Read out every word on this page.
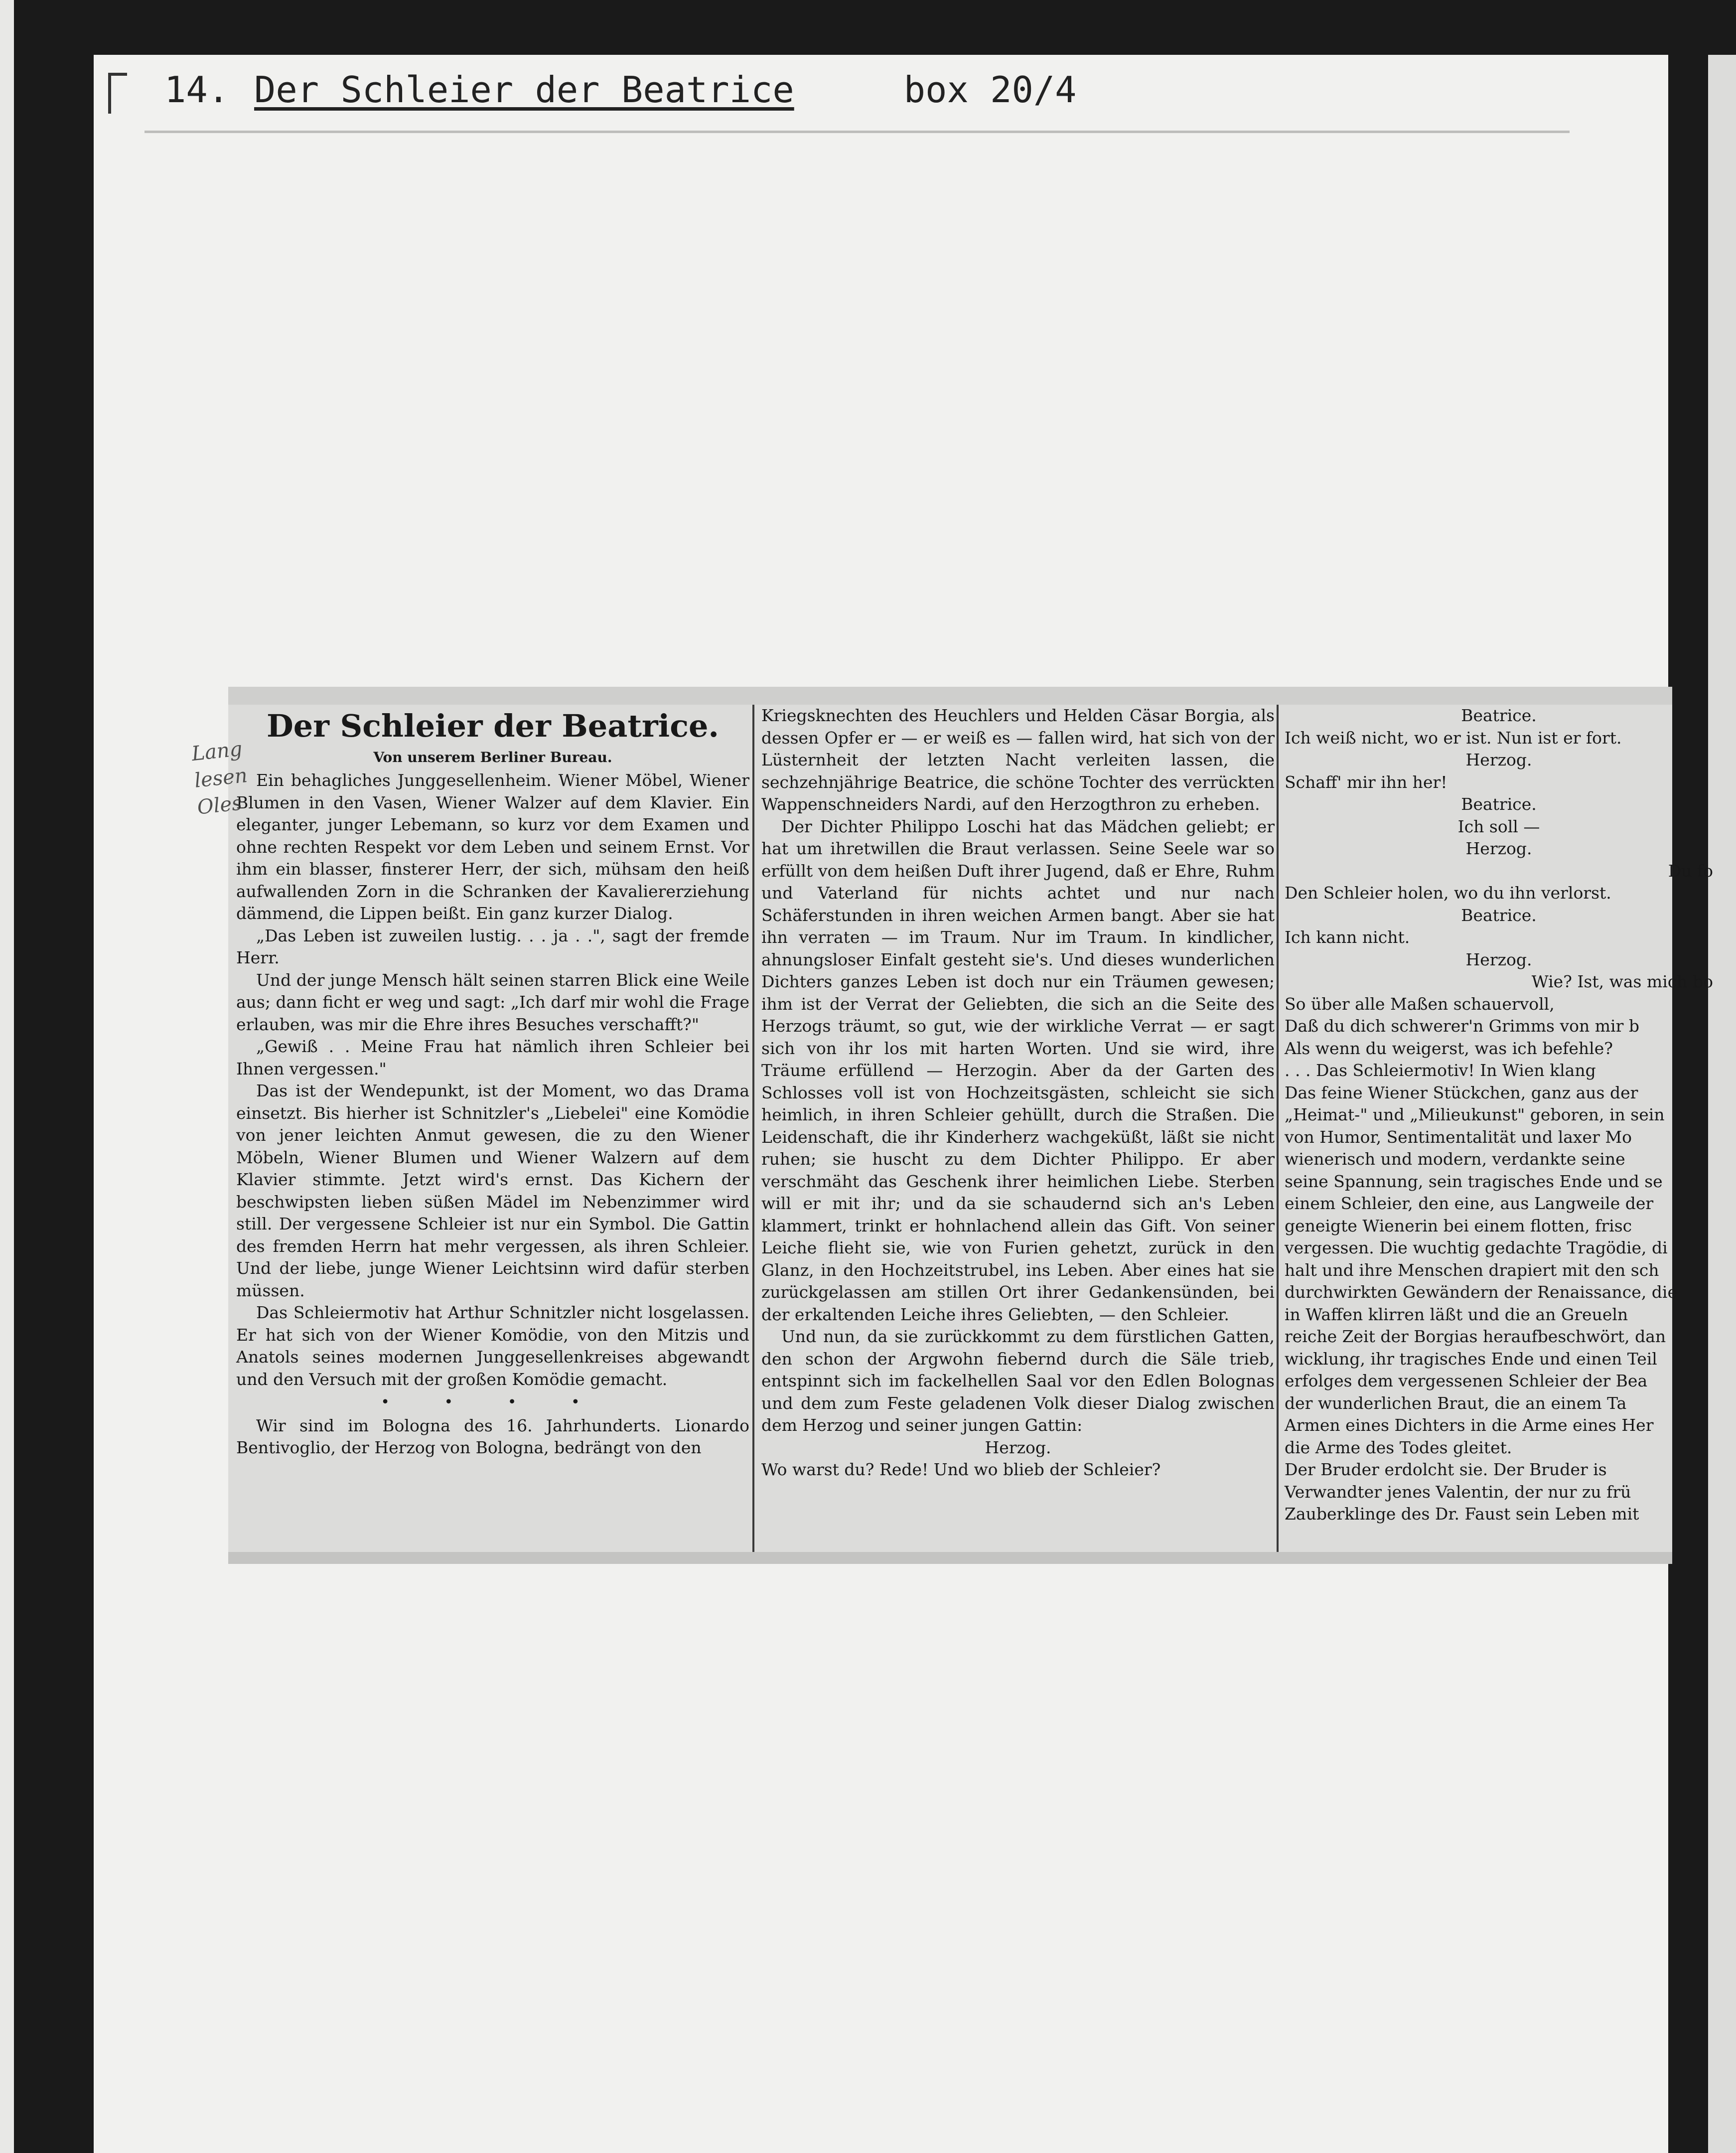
14. Der Schleier der Beatrice	box 20/4

Der Schleier der Beatrice.

Von unserem Berliner Bureau.

Ein behagliches Junggesellenheim. Wiener Möbel, Wiener Blumen in den Vasen, Wiener Walzer auf dem Klavier. Ein eleganter, junger Lebemann, so kurz vor dem Examen und ohne rechten Respekt vor dem Leben und seinem Ernst. Vor ihm ein blasser, finsterer Herr, der sich, mühsam den heiß aufwallenden Zorn in die Schranken der Kavaliererziehung dämmend, die Lippen beißt. Ein ganz kurzer Dialog.

„Das Leben ist zuweilen lustig. . . ja . .", sagt der fremde Herr.

Und der junge Mensch hält seinen starren Blick eine Weile aus; dann ficht er weg und sagt: „Ich darf mir wohl die Frage erlauben, was mir die Ehre ihres Besuches verschafft?"

„Gewiß . . Meine Frau hat nämlich ihren Schleier bei Ihnen vergessen."

Das ist der Wendepunkt, ist der Moment, wo das Drama einsetzt. Bis hierher ist Schnitzler's „Liebelei" eine Komödie von jener leichten Anmut gewesen, die zu den Wiener Möbeln, Wiener Blumen und Wiener Walzern auf dem Klavier stimmte. Jetzt wird's ernst. Das Kichern der beschwipsten lieben süßen Mädel im Nebenzimmer wird still. Der vergessene Schleier ist nur ein Symbol. Die Gattin des fremden Herrn hat mehr vergessen, als ihren Schleier. Und der liebe, junge Wiener Leichtsinn wird dafür sterben müssen.

Das Schleiermotiv hat Arthur Schnitzler nicht losgelassen. Er hat sich von der Wiener Komödie, von den Mitzis und Anatols seines modernen Junggesellenkreises abgewandt und den Versuch mit der großen Komödie gemacht.

• • • •

Wir sind im Bologna des 16. Jahrhunderts. Lionardo Bentivoglio, der Herzog von Bologna, bedrängt von den

Kriegsknechten des Heuchlers und Helden Cäsar Borgia, als dessen Opfer er — er weiß es — fallen wird, hat sich von der Lüsternheit der letzten Nacht verleiten lassen, die sechzehnjährige Beatrice, die schöne Tochter des verrückten Wappenschneiders Nardi, auf den Herzogthron zu erheben.

Der Dichter Philippo Loschi hat das Mädchen geliebt; er hat um ihretwillen die Braut verlassen. Seine Seele war so erfüllt von dem heißen Duft ihrer Jugend, daß er Ehre, Ruhm und Vaterland für nichts achtet und nur nach Schäferstunden in ihren weichen Armen bangt. Aber sie hat ihn verraten — im Traum. Nur im Traum. In kindlicher, ahnungsloser Einfalt gesteht sie's. Und dieses wunderlichen Dichters ganzes Leben ist doch nur ein Träumen gewesen; ihm ist der Verrat der Geliebten, die sich an die Seite des Herzogs träumt, so gut, wie der wirkliche Verrat — er sagt sich von ihr los mit harten Worten. Und sie wird, ihre Träume erfüllend — Herzogin. Aber da der Garten des Schlosses voll ist von Hochzeitsgästen, schleicht sie sich heimlich, in ihren Schleier gehüllt, durch die Straßen. Die Leidenschaft, die ihr Kinderherz wachgeküßt, läßt sie nicht ruhen; sie huscht zu dem Dichter Philippo. Er aber verschmäht das Geschenk ihrer heimlichen Liebe. Sterben will er mit ihr; und da sie schaudernd sich an's Leben klammert, trinkt er hohnlachend allein das Gift. Von seiner Leiche flieht sie, wie von Furien gehetzt, zurück in den Glanz, in den Hochzeitstrubel, ins Leben. Aber eines hat sie zurückgelassen am stillen Ort ihrer Gedankensünden, bei der erkaltenden Leiche ihres Geliebten, — den Schleier.

Und nun, da sie zurückkommt zu dem fürstlichen Gatten, den schon der Argwohn fiebernd durch die Säle trieb, entspinnt sich im fackelhellen Saal vor den Edlen Bolognas und dem zum Feste geladenen Volk dieser Dialog zwischen dem Herzog und seiner jungen Gattin:

Herzog.

Wo warst du? Rede! Und wo blieb der Schleier?

Beatrice.

Ich weiß nicht, wo er ist. Nun ist er fort.

Herzog.

Schaff' mir ihn her!

Beatrice.

Ich soll —

Herzog.

Du fo

Den Schleier holen, wo du ihn verlorst.

Beatrice.

Ich kann nicht.

Herzog.

Wie? Ist, was mich bo

So über alle Maßen schauervoll,

Daß du dich schwerer'n Grimms von mir b

Als wenn du weigerst, was ich befehle?

. . . Das Schleiermotiv! In Wien klang

Das feine Wiener Stückchen, ganz aus der

„Heimat-" und „Milieukunst" geboren, in sein

von Humor, Sentimentalität und laxer Mo

wienerisch und modern, verdankte seine

seine Spannung, sein tragisches Ende und se

einem Schleier, den eine, aus Langweile der

geneigte Wienerin bei einem flotten, frisc

vergessen. Die wuchtig gedachte Tragödie, di

halt und ihre Menschen drapiert mit den sch

durchwirkten Gewändern der Renaissance, die

in Waffen klirren läßt und die an Greueln

reiche Zeit der Borgias heraufbeschwört, dan

wicklung, ihr tragisches Ende und einen Teil

erfolges dem vergessenen Schleier der Bea

der wunderlichen Braut, die an einem Ta

Armen eines Dichters in die Arme eines Her

die Arme des Todes gleitet.

Der Bruder erdolcht sie. Der Bruder is

Verwandter jenes Valentin, der nur zu frü

Zauberklinge des Dr. Faust sein Leben mit

Lang lesen Oles
